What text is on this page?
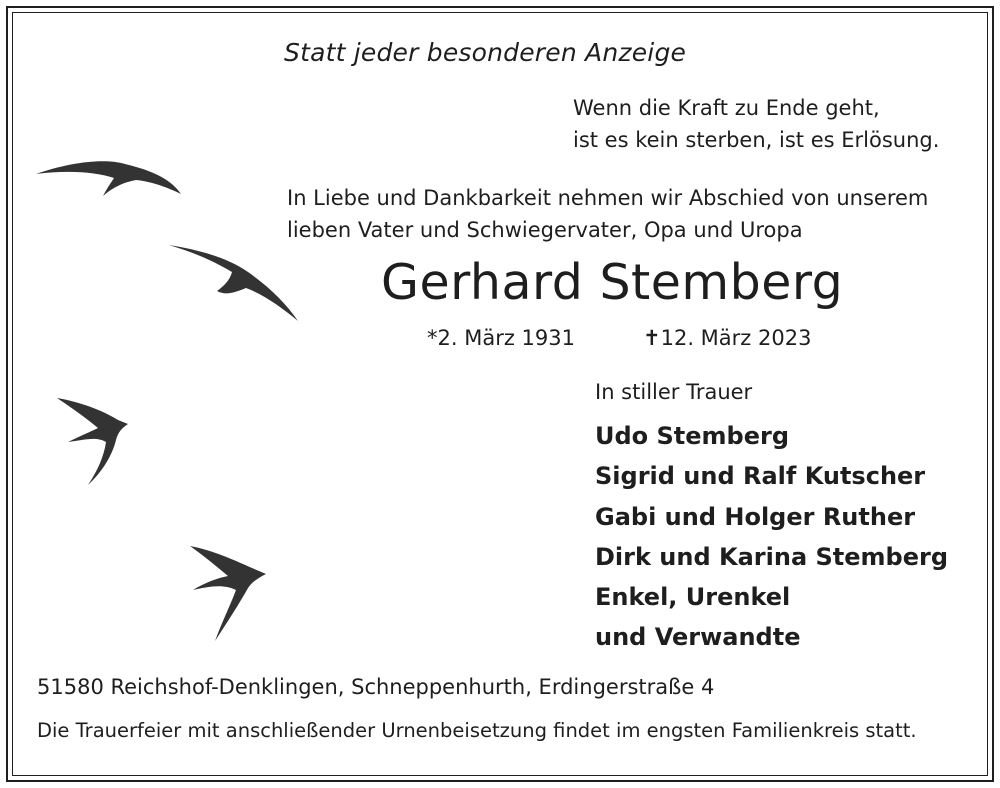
Statt jeder besonderen Anzeige
Wenn die Kraft zu Ende geht,
ist es kein sterben, ist es Erlösung.
In Liebe und Dankbarkeit nehmen wir Abschied von unserem
lieben Vater und Schwiegervater, Opa und Uropa
Gerhard Stemberg
*2. März 1931	✝12. März 2023
In stiller Trauer
Udo Stemberg
Sigrid und Ralf Kutscher
Gabi und Holger Ruther
Dirk und Karina Stemberg
Enkel, Urenkel
und Verwandte
51580 Reichshof-Denklingen, Schneppenhurth, Erdingerstraße 4
Die Trauerfeier mit anschließender Urnenbeisetzung findet im engsten Familienkreis statt.
